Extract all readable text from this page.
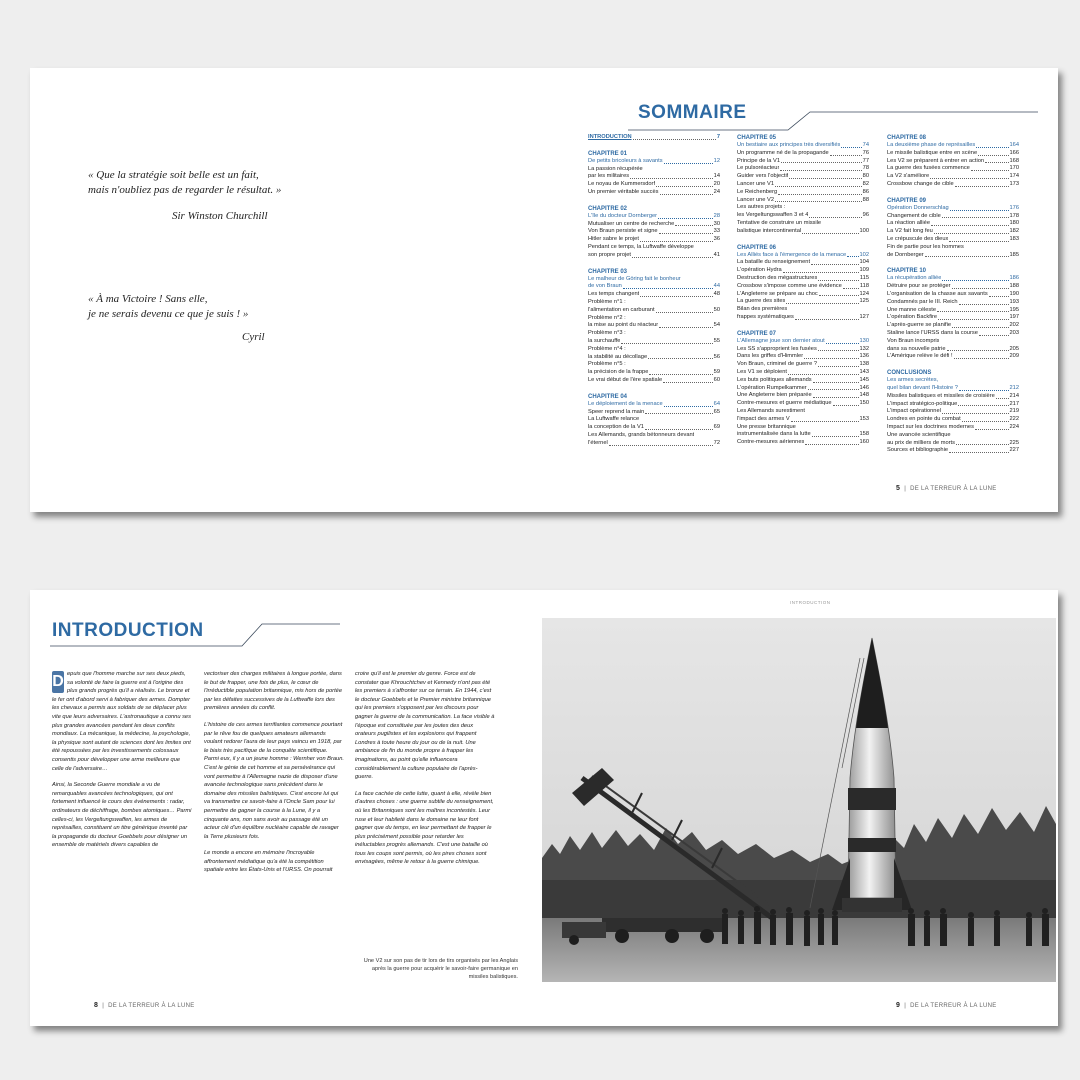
« Que la stratégie soit belle est un fait,
mais n'oubliez pas de regarder le résultat. »
Sir Winston Churchill
« À ma Victoire ! Sans elle,
je ne serais devenu ce que je suis ! »
Cyril
SOMMAIRE
INTRODUCTION	7
CHAPITRE 01
De petits bricoleurs à savants	12
La passion récupérée
par les militaires	14
Le noyau de Kummersdorf	20
Un premier véritable succès	24
CHAPITRE 02
L'île du docteur Dornberger	28
Mutualiser un centre de recherche	30
Von Braun persiste et signe	33
Hitler sabre le projet	36
Pendant ce temps, la Luftwaffe développe
son propre projet	41
CHAPITRE 03
Le malheur de Göring fait le bonheur
de von Braun	44
Les temps changent	48
Problème n°1 :
l'alimentation en carburant	50
Problème n°2 :
la mise au point du réacteur	54
Problème n°3 :
la surchauffe	55
Problème n°4 :
la stabilité au décollage	56
Problème n°5 :
la précision de la frappe	59
Le vrai début de l'ère spatiale	60
CHAPITRE 04
Le déploiement de la menace	64
Speer reprend la main	65
La Luftwaffe relance
la conception de la V1	69
Les Allemands, grands bétonneurs devant
l'éternel	72
CHAPITRE 05
Un bestiaire aux principes très diversifiés	74
Un programme né de la propagande	76
Principe de la V1	77
Le pulsoréacteur	78
Guider vers l'objectif	80
Lancer une V1	82
Le Reichenberg	86
Lancer une V2	88
Les autres projets :
les Vergeltungswaffen 3 et 4	96
Tentative de construire un missile
balistique intercontinental	100
CHAPITRE 06
Les Alliés face à l'émergence de la menace 102
La bataille du renseignement	104
L'opération Hydra	109
Destruction des mégastructures	115
Crossbow s'impose comme une évidence	118
L'Angleterre se prépare au choc	124
La guerre des sites	125
Bilan des premières
frappes systématiques	127
CHAPITRE 07
L'Allemagne joue son dernier atout	130
Les SS s'approprient les fusées	132
Dans les griffes d'Himmler	136
Von Braun, criminel de guerre ?	138
Les V1 se déploient	143
Les buts politiques allemands	145
L'opération Rumpelkammer	146
Une Angleterre bien préparée	148
Contre-mesures et guerre médiatique	150
Les Allemands surestiment
l'impact des armes V	153
Une presse britannique
instrumentalisée dans la lutte	158
Contre-mesures aériennes	160
CHAPITRE 08
La deuxième phase de représailles	164
Le missile balistique entre en scène	166
Les V2 se préparent à entrer en action	168
La guerre des fusées commence	170
La V2 s'améliore	174
Crossbow change de cible	173
CHAPITRE 09
Opération Donnerschlag	176
Changement de cible	178
La réaction alliée	180
La V2 fait long feu	182
Le crépuscule des dieux	183
Fin de partie pour les hommes
de Dornberger	185
CHAPITRE 10
La récupération alliée	186
Détruire pour se protéger	188
L'organisation de la chasse aux savants	190
Condamnés par le III. Reich	193
Une manne céleste	195
L'opération Backfire	197
L'après-guerre se planifie	202
Staline lance l'URSS dans la course	203
Von Braun incompris
dans sa nouvelle patrie	205
L'Amérique relève le défi !	209
CONCLUSIONS
Les armes secrètes,
quel bilan devant l'Histoire ?	212
Missiles balistiques et missiles de croisière	214
L'impact stratégico-politique	217
L'impact opérationnel	219
Londres en pointe du combat	222
Impact sur les doctrines modernes	224
Une avancée scientifique
au prix de milliers de morts	225
Sources et bibliographie	227
5 | DE LA TERREUR À LA LUNE
INTRODUCTION
INTRODUCTION

D epuis que l'homme marche sur ses deux pieds, sa volonté de faire la guerre est à l'origine des plus grands progrès qu'il a réalisés. Le bronze et le fer ont d'abord servi à fabriquer des armes. Dompter les chevaux a permis aux soldats de se déplacer plus vite que leurs adversaires. L'astronautique a connu ses plus grandes avancées pendant les deux conflits mondiaux. La mécanique, la médecine, la psychologie, la physique sont autant de sciences dont les limites ont été repoussées par les investissements colossaux consentis pour développer une arme meilleure que celle de l'adversaire…

Ainsi, la Seconde Guerre mondiale a vu de remarquables avancées technologiques, qui ont fortement influencé le cours des événements : radar, ordinateurs de déchiffrage, bombes atomiques… Parmi celles-ci, les Vergeltungswaffen, les armes de représailles, constituent un titre générique inventé par la propagande du docteur Goebbels pour désigner un ensemble de matériels divers capables de

vectoriser des charges militaires à longue portée, dans le but de frapper, une fois de plus, le cœur de l'irréductible population britannique, mis hors de portée par les défaites successives de la Luftwaffe lors des premières années du conflit.

L'histoire de ces armes terrifiantes commence pourtant par le rêve fou de quelques amateurs allemands voulant redorer l'aura de leur pays vaincu en 1918, par le biais très pacifique de la conquête scientifique. Parmi eux, il y a un jeune homme : Wernher von Braun. C'est le génie de cet homme et sa persévérance qui vont permettre à l'Allemagne nazie de disposer d'une avancée technologique sans précédent dans le domaine des missiles balistiques. C'est encore lui qui va transmettre ce savoir-faire à l'Oncle Sam pour lui permettre de gagner la course à la Lune, il y a cinquante ans, non sans avoir au passage été un acteur clé d'un équilibre nucléaire capable de ravager la Terre plusieurs fois.

Le monde a encore en mémoire l'incroyable affrontement médiatique qu'a été la compétition spatiale entre les États-Unis et l'URSS. On pourrait

croire qu'il est le premier du genre. Force est de constater que Khrouchtchev et Kennedy n'ont pas été les premiers à s'affronter sur ce terrain. En 1944, c'est le docteur Goebbels et le Premier ministre britannique qui les premiers s'opposent par les discours pour gagner la guerre de la communication. La face visible à l'époque est constituée par les joutes des deux orateurs pugilistes et les explosions qui frappent Londres à toute heure du jour ou de la nuit. Une ambiance de fin du monde propre à frapper les imaginations, au point qu'elle influencera considérablement la culture populaire de l'après-guerre.

La face cachée de cette lutte, quant à elle, révèle bien d'autres choses : une guerre subtile du renseignement, où les Britanniques sont les maîtres incontestés. Leur ruse et leur habileté dans le domaine ne leur font gagner que du temps, en leur permettant de frapper le plus précisément possible pour retarder les inéluctables progrès allemands. C'est une bataille où tous les coups sont permis, où les pires choses sont envisagées, même le retour à la guerre chimique.

Une V2 sur son pas de tir lors de tirs organisés par les Anglais après la guerre pour acquérir le savoir-faire germanique en missiles balistiques.
8 | DE LA TERREUR À LA LUNE	9 | DE LA TERREUR À LA LUNE
